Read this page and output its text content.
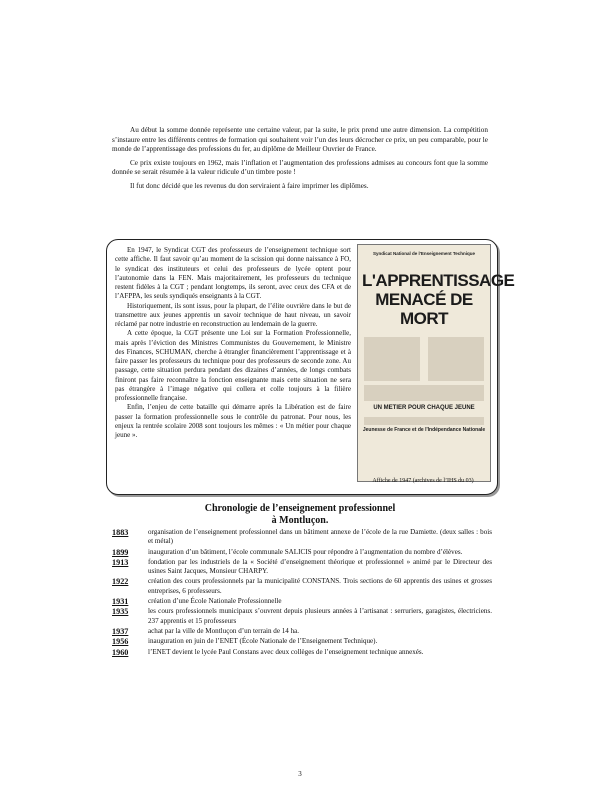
Au début la somme donnée représente une certaine valeur, par la suite, le prix prend une autre dimension. La compétition s’instaure entre les différents centres de formation qui souhaitent voir l’un des leurs décrocher ce prix, un peu comparable, pour le monde de l’apprentissage des professions du fer, au diplôme de Meilleur Ouvrier de France.

Ce prix existe toujours en 1962, mais l’inflation et l’augmentation des professions admises au concours font que la somme donnée se serait résumée à la valeur ridicule d’un timbre poste !

Il fut donc décidé que les revenus du don serviraient à faire imprimer les diplômes.

En 1947, le Syndicat CGT des professeurs de l’enseignement technique sort cette affiche. Il faut savoir qu’au moment de la scission qui donne naissance à FO, le syndicat des instituteurs et celui des professeurs de lycée optent pour l’autonomie dans la FEN. Mais majoritairement, les professeurs du technique restent fidèles à la CGT ; pendant longtemps, ils seront, avec ceux des CFA et de l’AFPPA, les seuls syndiqués enseignants à la CGT.

Historiquement, ils sont issus, pour la plupart, de l’élite ouvrière dans le but de transmettre aux jeunes apprentis un savoir technique de haut niveau, un savoir réclamé par notre industrie en reconstruction au lendemain de la guerre.

A cette époque, la CGT présente une Loi sur la Formation Professionnelle, mais après l’éviction des Ministres Communistes du Gouvernement, le Ministre des Finances, SCHUMAN, cherche à étrangler financièrement l’apprentissage et à faire passer les professeurs du technique pour des professeurs de seconde zone. Au passage, cette situation perdura pendant des dizaines d’années, de longs combats finiront pas faire reconnaître la fonction enseignante mais cette situation ne sera pas étrangère à l’image négative qui collera et colle toujours à la filière professionnelle française.

Enfin, l’enjeu de cette bataille qui démarre après la Libération est de faire passer la formation professionnelle sous le contrôle du patronat. Pour nous, les enjeux la rentrée scolaire 2008 sont toujours les mêmes : « Un métier pour chaque jeune ».

Syndicat National de l'Enseignement Technique
L'APPRENTISSAGE MENACÉ DE MORT
UN METIER POUR CHAQUE JEUNE
Jeunesse de France et de l'Indépendance Nationale
Affiche de 1947 (archives de l’IHS du 03)
Chronologie de l’enseignement professionnel
à Montluçon.
1883	organisation de l’enseignement professionnel dans un bâtiment annexe de l’école de la rue Damiette. (deux salles : bois et métal)
1899	inauguration d’un bâtiment, l’école communale SALICIS pour répondre à l’augmentation du nombre d’élèves.
1913	fondation par les industriels de la « Société d’enseignement théorique et professionnel » animé par le Directeur des usines Saint Jacques, Monsieur CHARPY.
1922	création des cours professionnels par la municipalité CONSTANS. Trois sections de 60 apprentis des usines et grosses entreprises, 6 professeurs.
1931	création d’une École Nationale Professionnelle
1935	les cours professionnels municipaux s’ouvrent depuis plusieurs années à l’artisanat : serruriers, garagistes, électriciens. 237 apprentis et 15 professeurs
1937	achat par la ville de Montluçon d’un terrain de 14 ha.
1956	inauguration en juin de l’ENET (École Nationale de l’Enseignement Technique).
1960	l’ENET devient le lycée Paul Constans avec deux collèges de l’enseignement technique annexés.
3
